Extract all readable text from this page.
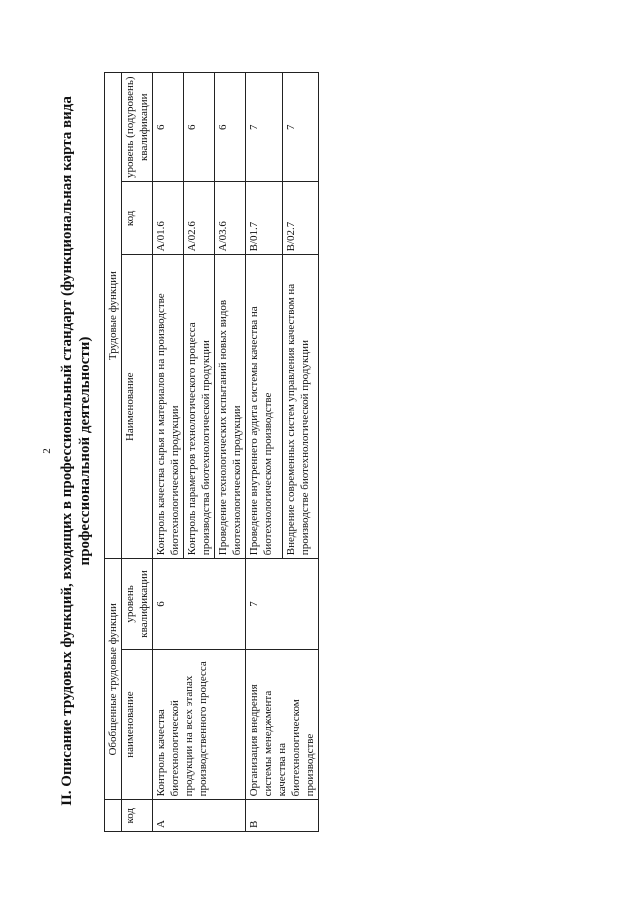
2 II. Описание трудовых функций, входящих в профессиональный стандарт (функциональная карта вида профессиональной деятельности)

	Обобщенные трудовые функции		Трудовые функции		
код	наименование	уровень квалификации	Наименование	код	уровень (подуровень) квалификации
А	Контроль качества биотехнологической продукции на всех этапах производственного процесса	6	Контроль качества сырья и материалов на производстве биотехнологической продукции	А/01.6	6
			Контроль параметров технологического процесса производства биотехнологической продукции	А/02.6	6
			Проведение технологических испытаний новых видов биотехнологической продукции	А/03.6	6
В	Организация внедрения системы менеджмента качества на биотехнологическом производстве	7	Проведение внутреннего аудита системы качества на биотехнологическом производстве	В/01.7	7
			Внедрение современных систем управления качеством на производстве биотехнологической продукции	В/02.7	7
